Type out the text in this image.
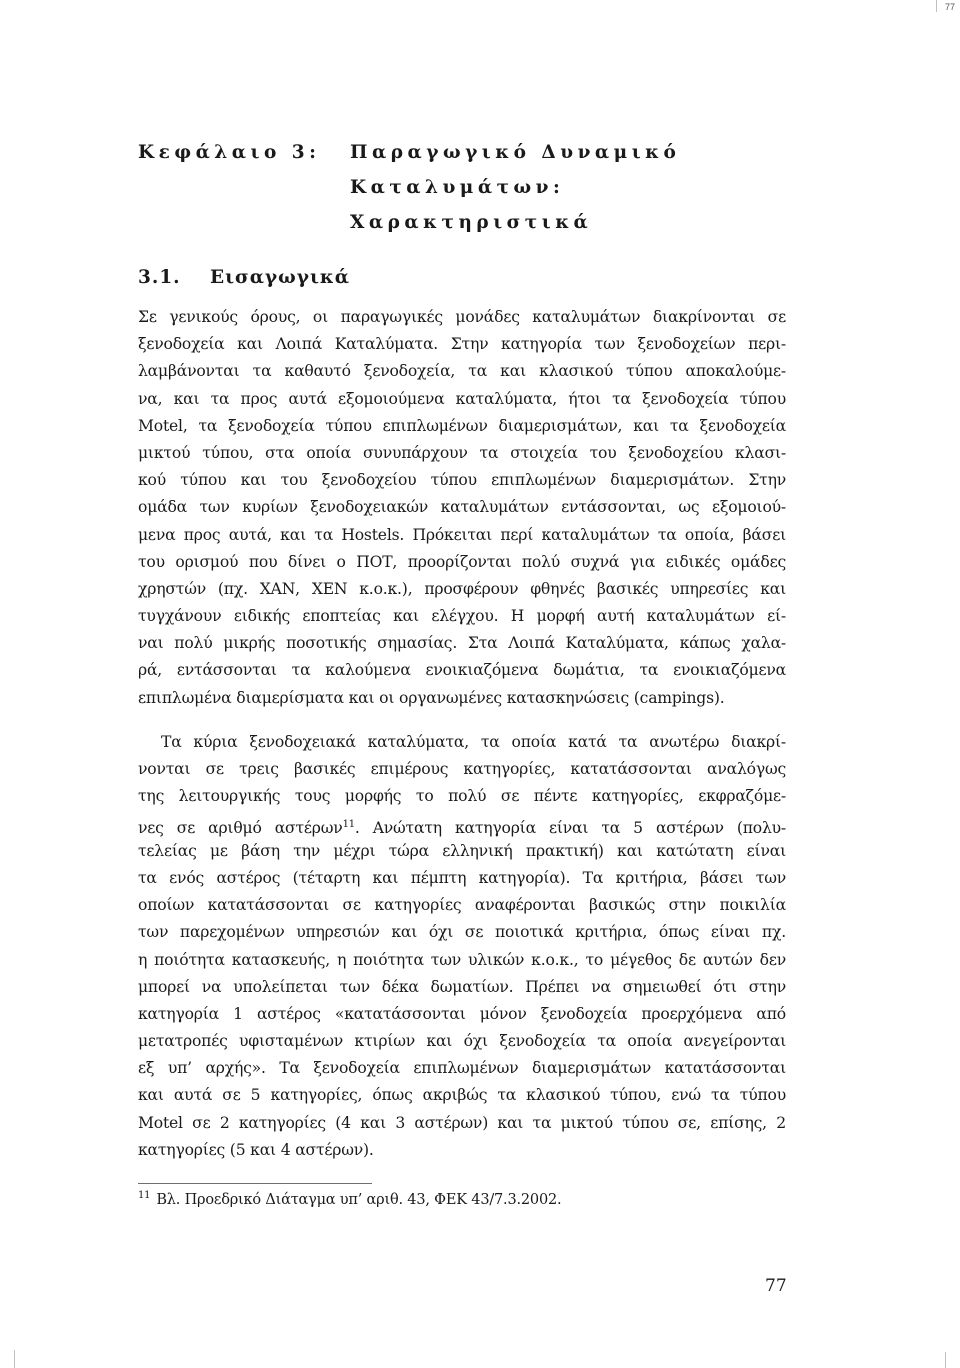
77
Κεφάλαιο 3: Παραγωγικό Δυναμικό
Καταλυμάτων:
Χαρακτηριστικά
3.1. Εισαγωγικά
Σε γενικούς όρους, οι παραγωγικές μονάδες καταλυμάτων διακρίνονται σε
ξενοδοχεία και Λοιπά Καταλύματα. Στην κατηγορία των ξενοδοχείων περι-
λαμβάνονται τα καθαυτό ξενοδοχεία, τα και κλασικού τύπου αποκαλούμε-
να, και τα προς αυτά εξομοιούμενα καταλύματα, ήτοι τα ξενοδοχεία τύπου
Motel, τα ξενοδοχεία τύπου επιπλωμένων διαμερισμάτων, και τα ξενοδοχεία
μικτού τύπου, στα οποία συνυπάρχουν τα στοιχεία του ξενοδοχείου κλασι-
κού τύπου και του ξενοδοχείου τύπου επιπλωμένων διαμερισμάτων. Στην
ομάδα των κυρίων ξενοδοχειακών καταλυμάτων εντάσσονται, ως εξομοιού-
μενα προς αυτά, και τα Hostels. Πρόκειται περί καταλυμάτων τα οποία, βάσει
του ορισμού που δίνει ο ΠΟΤ, προορίζονται πολύ συχνά για ειδικές ομάδες
χρηστών (πχ. ΧΑΝ, ΧΕΝ κ.ο.κ.), προσφέρουν φθηνές βασικές υπηρεσίες και
τυγχάνουν ειδικής εποπτείας και ελέγχου. Η μορφή αυτή καταλυμάτων εί-
ναι πολύ μικρής ποσοτικής σημασίας. Στα Λοιπά Καταλύματα, κάπως χαλα-
ρά, εντάσσονται τα καλούμενα ενοικιαζόμενα δωμάτια, τα ενοικιαζόμενα
επιπλωμένα διαμερίσματα και οι οργανωμένες κατασκηνώσεις (campings).
Τα κύρια ξενοδοχειακά καταλύματα, τα οποία κατά τα ανωτέρω διακρί-
νονται σε τρεις βασικές επιμέρους κατηγορίες, κατατάσσονται αναλόγως
της λειτουργικής τους μορφής το πολύ σε πέντε κατηγορίες, εκφραζόμε-
νες σε αριθμό αστέρων$^{11}$. Ανώτατη κατηγορία είναι τα 5 αστέρων (πολυ-
τελείας με βάση την μέχρι τώρα ελληνική πρακτική) και κατώτατη είναι
τα ενός αστέρος (τέταρτη και πέμπτη κατηγορία). Τα κριτήρια, βάσει των
οποίων κατατάσσονται σε κατηγορίες αναφέρονται βασικώς στην ποικιλία
των παρεχομένων υπηρεσιών και όχι σε ποιοτικά κριτήρια, όπως είναι πχ.
η ποιότητα κατασκευής, η ποιότητα των υλικών κ.ο.κ., το μέγεθος δε αυτών δεν
μπορεί να υπολείπεται των δέκα δωματίων. Πρέπει να σημειωθεί ότι στην
κατηγορία 1 αστέρος «κατατάσσονται μόνον ξενοδοχεία προερχόμενα από
μετατροπές υφισταμένων κτιρίων και όχι ξενοδοχεία τα οποία ανεγείρονται
εξ υπ’ αρχής». Τα ξενοδοχεία επιπλωμένων διαμερισμάτων κατατάσσονται
και αυτά σε 5 κατηγορίες, όπως ακριβώς τα κλασικού τύπου, ενώ τα τύπου
Motel σε 2 κατηγορίες (4 και 3 αστέρων) και τα μικτού τύπου σε, επίσης, 2
κατηγορίες (5 και 4 αστέρων).
$^{11}$ Βλ. Προεδρικό Διάταγμα υπ’ αριθ. 43, ΦΕΚ 43/7.3.2002.
77
